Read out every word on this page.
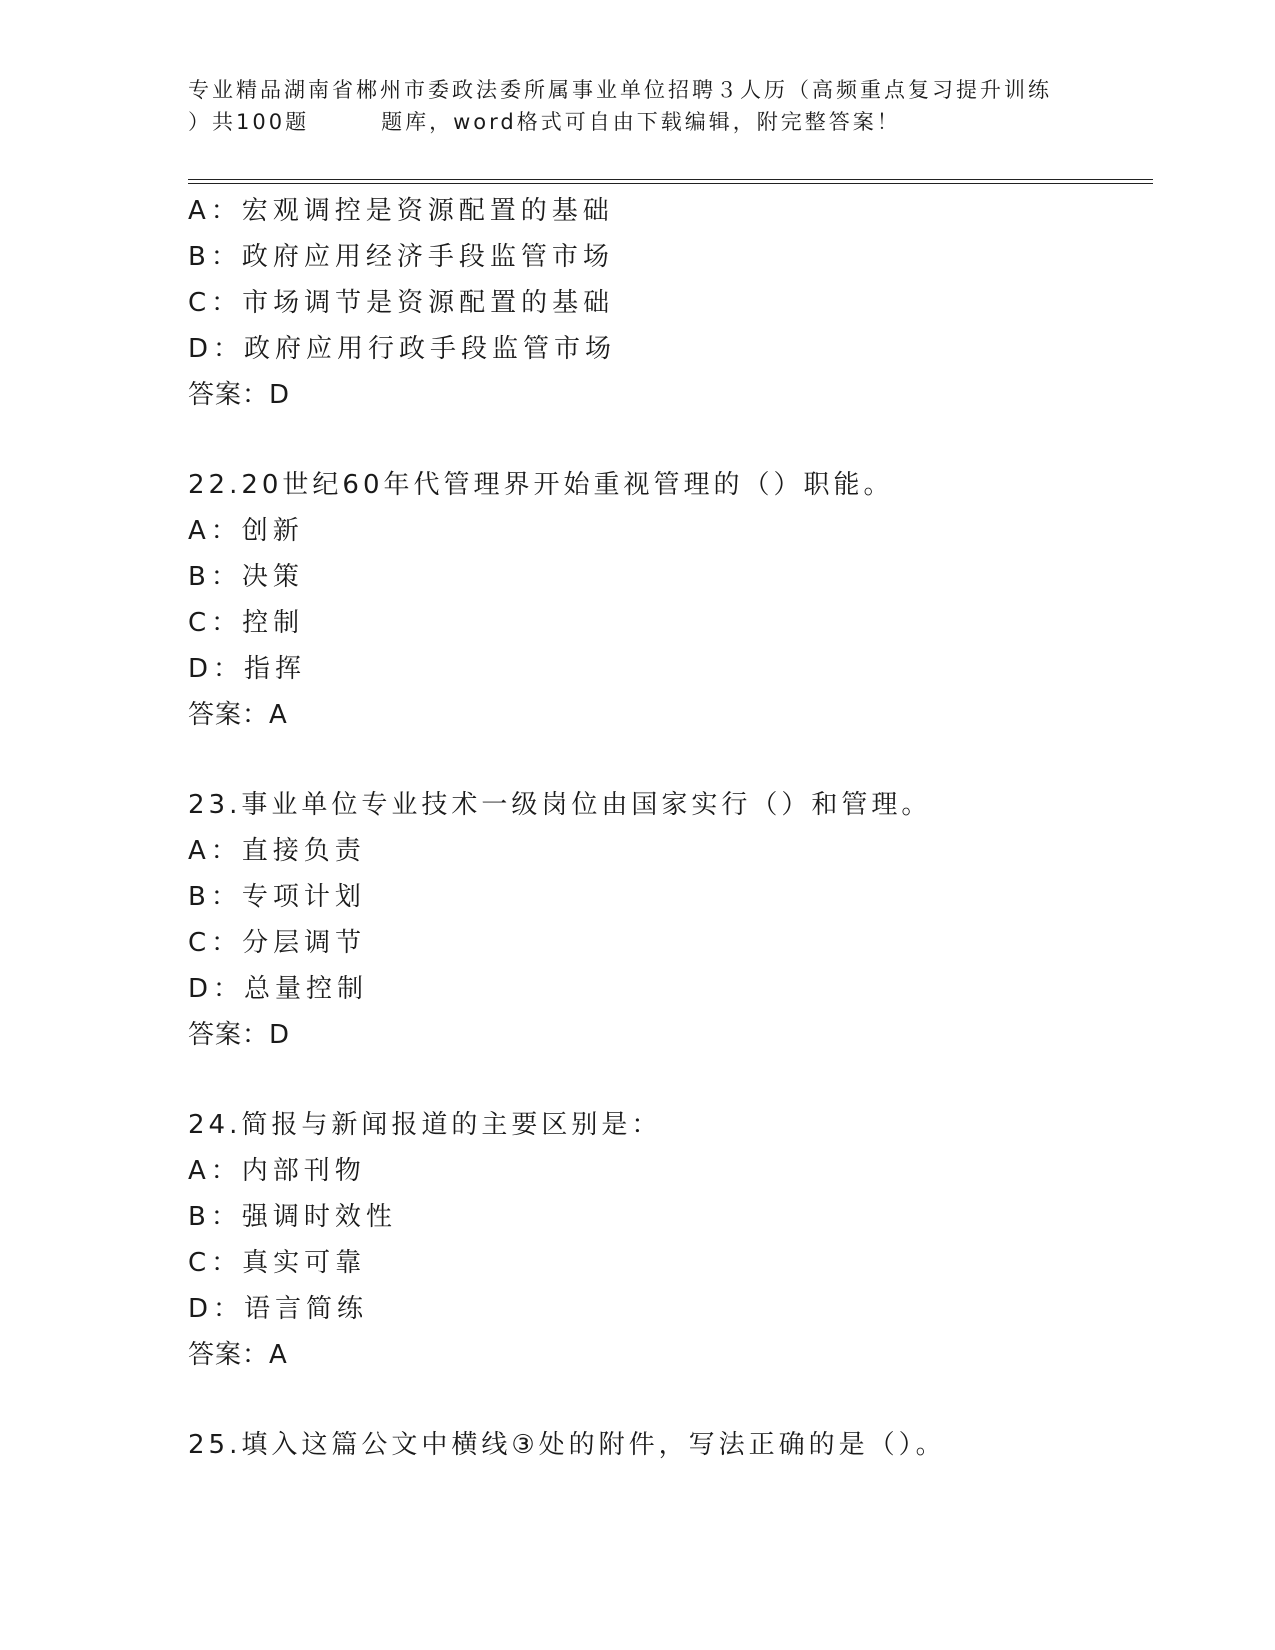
专业精品湖南省郴州市委政法委所属事业单位招聘３人历（高频重点复习提升训练
）共100题	题库，word格式可自由下载编辑，附完整答案！
A：宏观调控是资源配置的基础
B：政府应用经济手段监管市场
C：市场调节是资源配置的基础
D：政府应用行政手段监管市场
答案：D
22.20世纪60年代管理界开始重视管理的（）职能。
A：创新
B：决策
C：控制
D：指挥
答案：A
23.事业单位专业技术一级岗位由国家实行（）和管理。
A：直接负责
B：专项计划
C：分层调节
D：总量控制
答案：D
24.简报与新闻报道的主要区别是：
A：内部刊物
B：强调时效性
C：真实可靠
D：语言简练
答案：A
25.填入这篇公文中横线③处的附件，写法正确的是（）。
